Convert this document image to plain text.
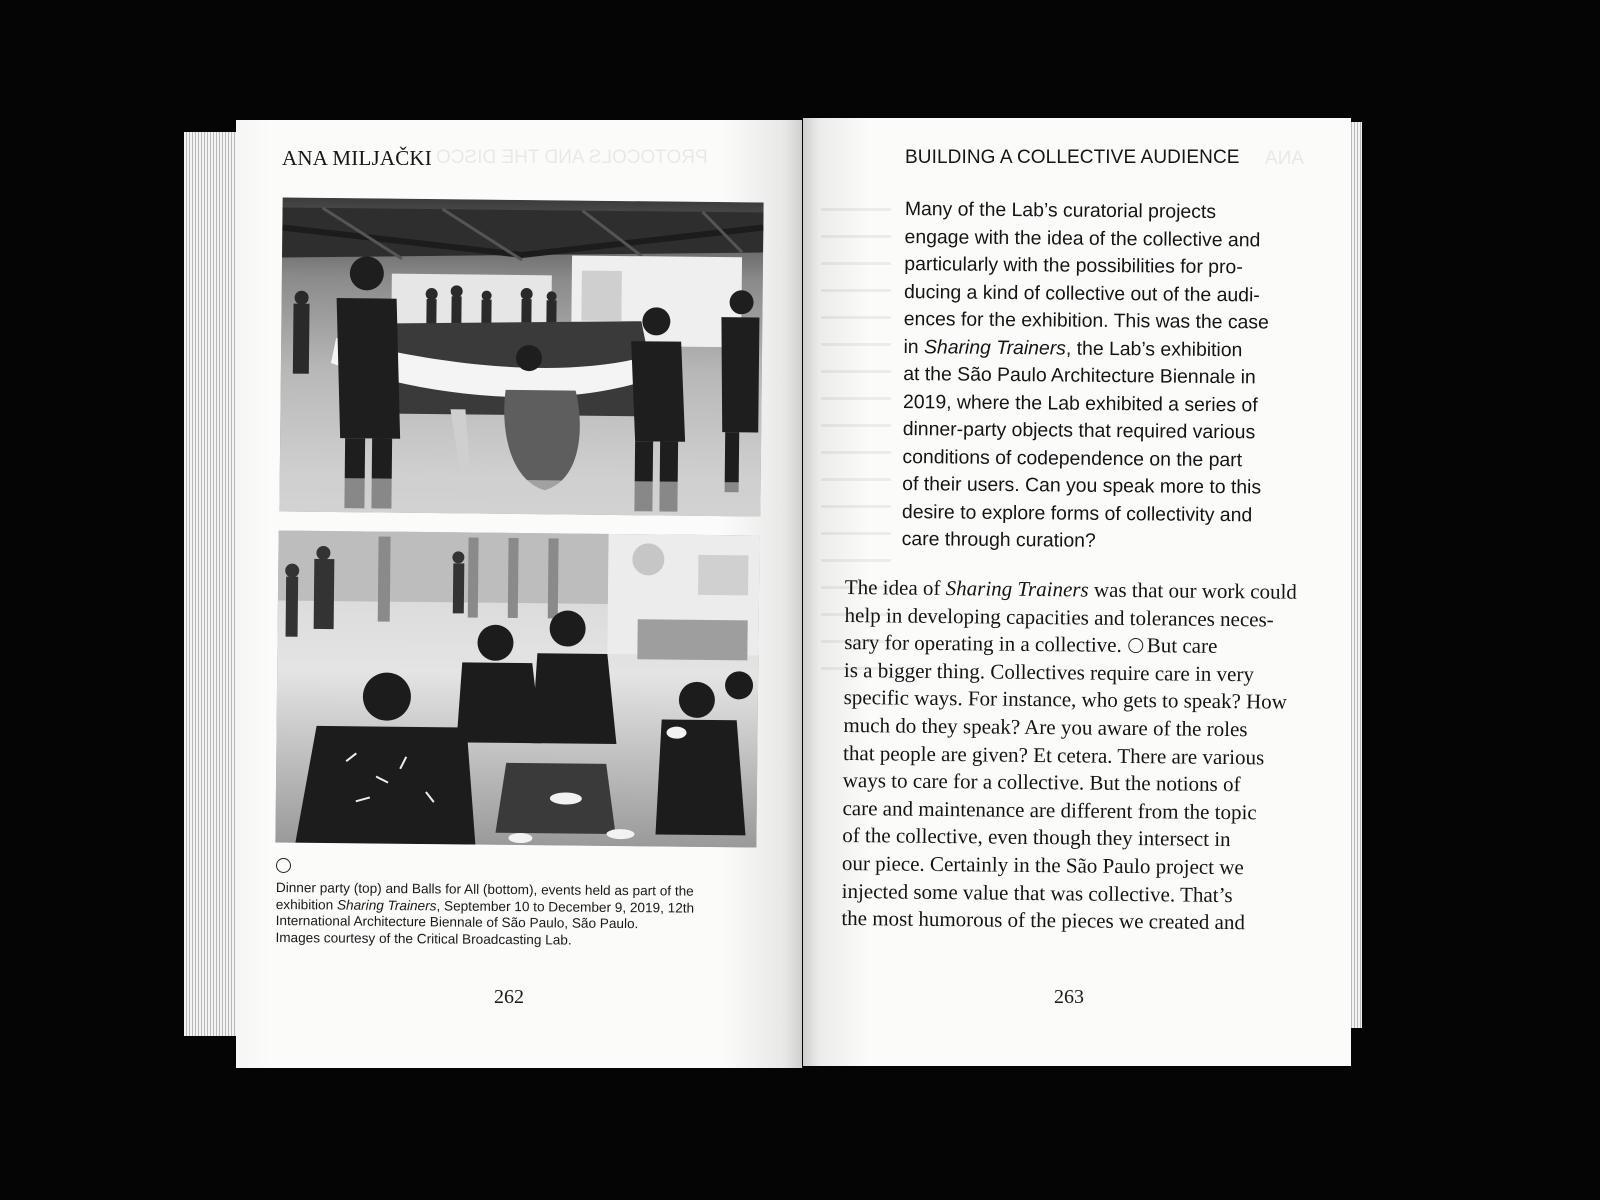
PROTOCOLS AND THE DISCO
ANA MILJAČKI
Dinner party (top) and Balls for All (bottom), events held as part of the
exhibition Sharing Trainers, September 10 to December 9, 2019, 12th
International Architecture Biennale of São Paulo, São Paulo.
Images courtesy of the Critical Broadcasting Lab.
262
BUILDING A COLLECTIVE AUDIENCE ANA
Many of the Lab’s curatorial projects
engage with the idea of the collective and
particularly with the possibilities for pro-
ducing a kind of collective out of the audi-
ences for the exhibition. This was the case
in Sharing Trainers, the Lab’s exhibition
at the São Paulo Architecture Biennale in
2019, where the Lab exhibited a series of
dinner-party objects that required various
conditions of codependence on the part
of their users. Can you speak more to this
desire to explore forms of collectivity and
care through curation?
The idea of Sharing Trainers was that our work could
help in developing capacities and tolerances neces-
sary for operating in a collective. But care
is a bigger thing. Collectives require care in very
specific ways. For instance, who gets to speak? How
much do they speak? Are you aware of the roles
that people are given? Et cetera. There are various
ways to care for a collective. But the notions of
care and maintenance are different from the topic
of the collective, even though they intersect in
our piece. Certainly in the São Paulo project we
injected some value that was collective. That’s
the most humorous of the pieces we created and
263
